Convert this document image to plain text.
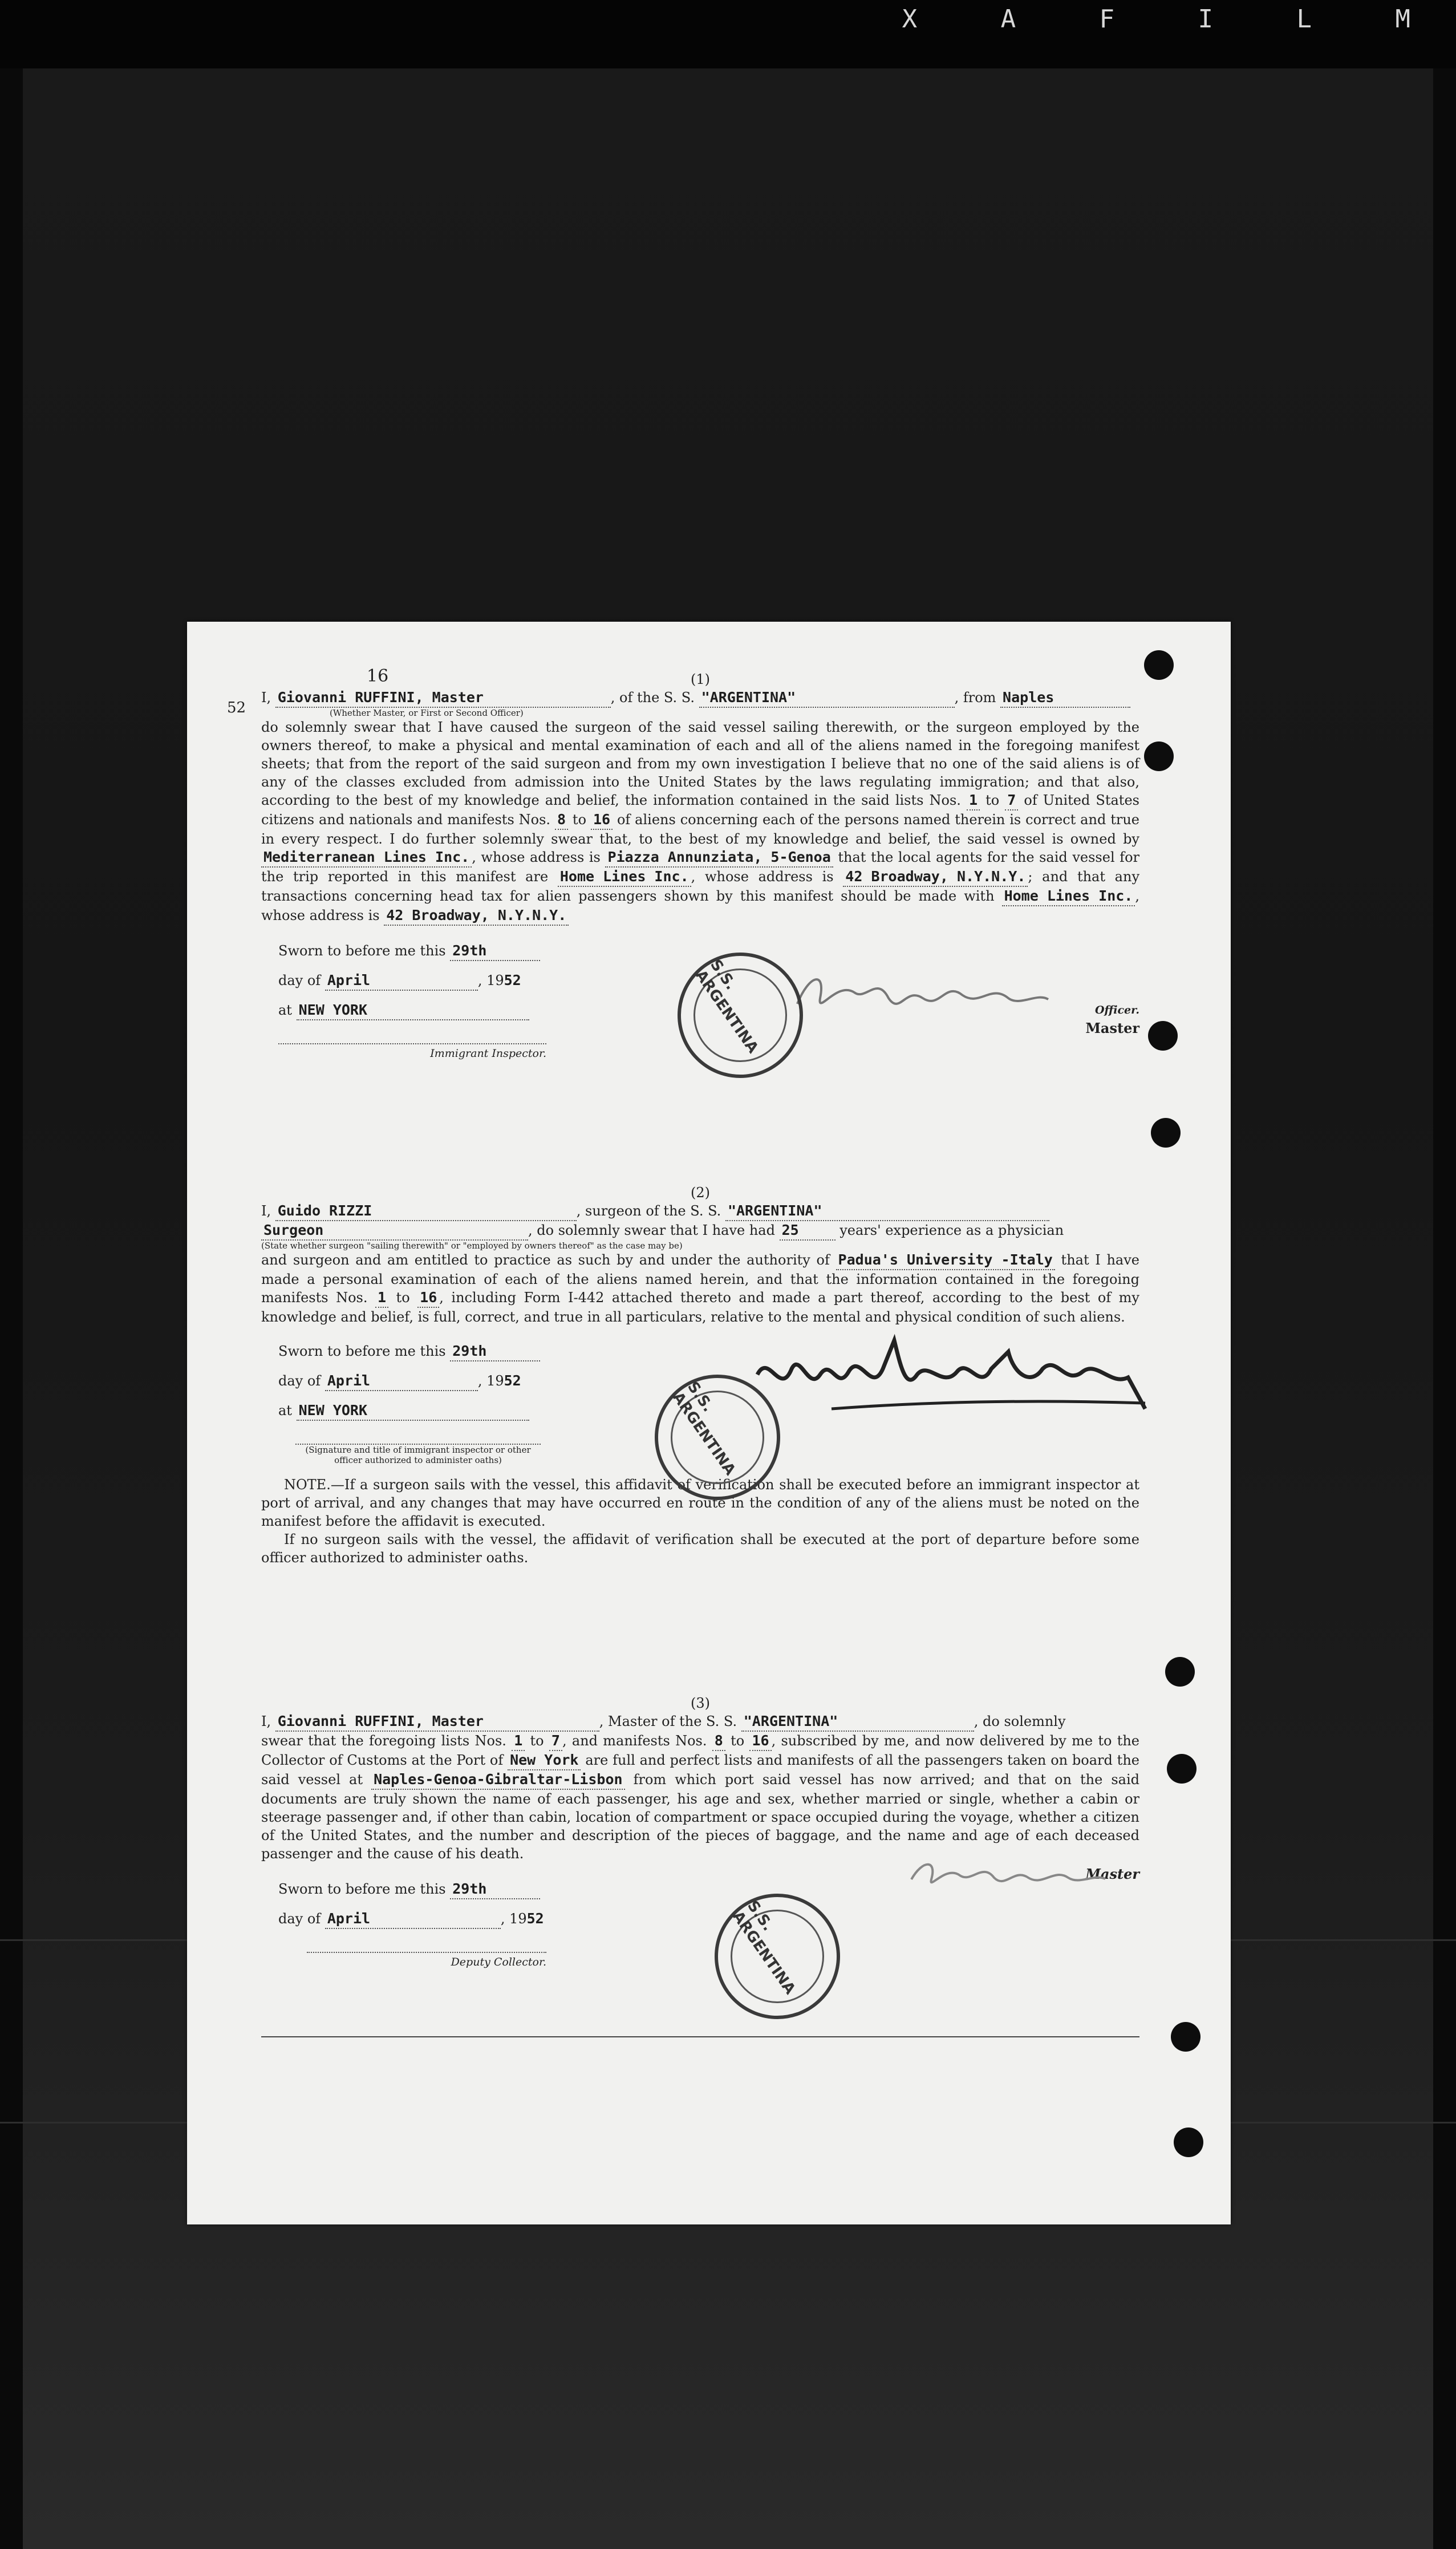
X A F I L M
16
52
(1)

I, Giovanni RUFFINI, Master	, of the S. S. "ARGENTINA"	, from Naples

(Whether Master, or First or Second Officer)

do solemnly swear that I have caused the surgeon of the said vessel sailing therewith, or the surgeon employed by the owners thereof, to make a physical and mental examination of each and all of the aliens named in the foregoing manifest sheets; that from the report of the said surgeon and from my own investigation I believe that no one of the said aliens is of any of the classes excluded from admission into the United States by the laws regulating immigration; and that also, according to the best of my knowledge and belief, the information contained in the said lists Nos. 1 to 7 of United States citizens and nationals and manifests Nos. 8 to 16 of aliens concerning each of the persons named therein is correct and true in every respect. I do further solemnly swear that, to the best of my knowledge and belief, the said vessel is owned by Mediterranean Lines Inc. , whose address is Piazza Annunziata, 5-Genoa that the local agents for the said vessel for the trip reported in this manifest are Home Lines Inc. , whose address is 42 Broadway, N.Y.N.Y. ; and that any transactions concerning head tax for alien passengers shown by this manifest should be made with Home Lines Inc. , whose address is 42 Broadway, N.Y.N.Y.

Sworn to before me this 29th
day of April	, 1952
at NEW YORK
Immigrant Inspector.
Officer.
Master
S.S. ARGENTINA
(2)

I, Guido RIZZI	, surgeon of the S. S. "ARGENTINA"

Surgeon	, do solemnly swear that I have had 25	years' experience as a physician

(State whether surgeon "sailing therewith" or "employed by owners thereof" as the case may be)

and surgeon and am entitled to practice as such by and under the authority of Padua's University -Italy that I have made a personal examination of each of the aliens named herein, and that the information contained in the foregoing manifests Nos. 1 to 16 , including Form I-442 attached thereto and made a part thereof, according to the best of my knowledge and belief, is full, correct, and true in all particulars, relative to the mental and physical condition of such aliens.

Sworn to before me this 29th
day of April	, 1952
at NEW YORK
(Signature and title of immigrant inspector or other officer authorized to administer oaths)

NOTE.—If a surgeon sails with the vessel, this affidavit of verification shall be executed before an immigrant inspector at port of arrival, and any changes that may have occurred en route in the condition of any of the aliens must be noted on the manifest before the affidavit is executed.

If no surgeon sails with the vessel, the affidavit of verification shall be executed at the port of departure before some officer authorized to administer oaths.

S.S. ARGENTINA
(3)

I, Giovanni RUFFINI, Master	, Master of the S. S. "ARGENTINA"	, do solemnly

swear that the foregoing lists Nos. 1 to 7 , and manifests Nos. 8 to 16 , subscribed by me, and now delivered by me to the Collector of Customs at the Port of New York are full and perfect lists and manifests of all the passengers taken on board the said vessel at Naples-Genoa-Gibraltar-Lisbon from which port said vessel has now arrived; and that on the said documents are truly shown the name of each passenger, his age and sex, whether married or single, whether a cabin or steerage passenger and, if other than cabin, location of compartment or space occupied during the voyage, whether a citizen of the United States, and the number and description of the pieces of baggage, and the name and age of each deceased passenger and the cause of his death.

Master
Sworn to before me this 29th
day of April	, 1952
Deputy Collector.
S.S. ARGENTINA
